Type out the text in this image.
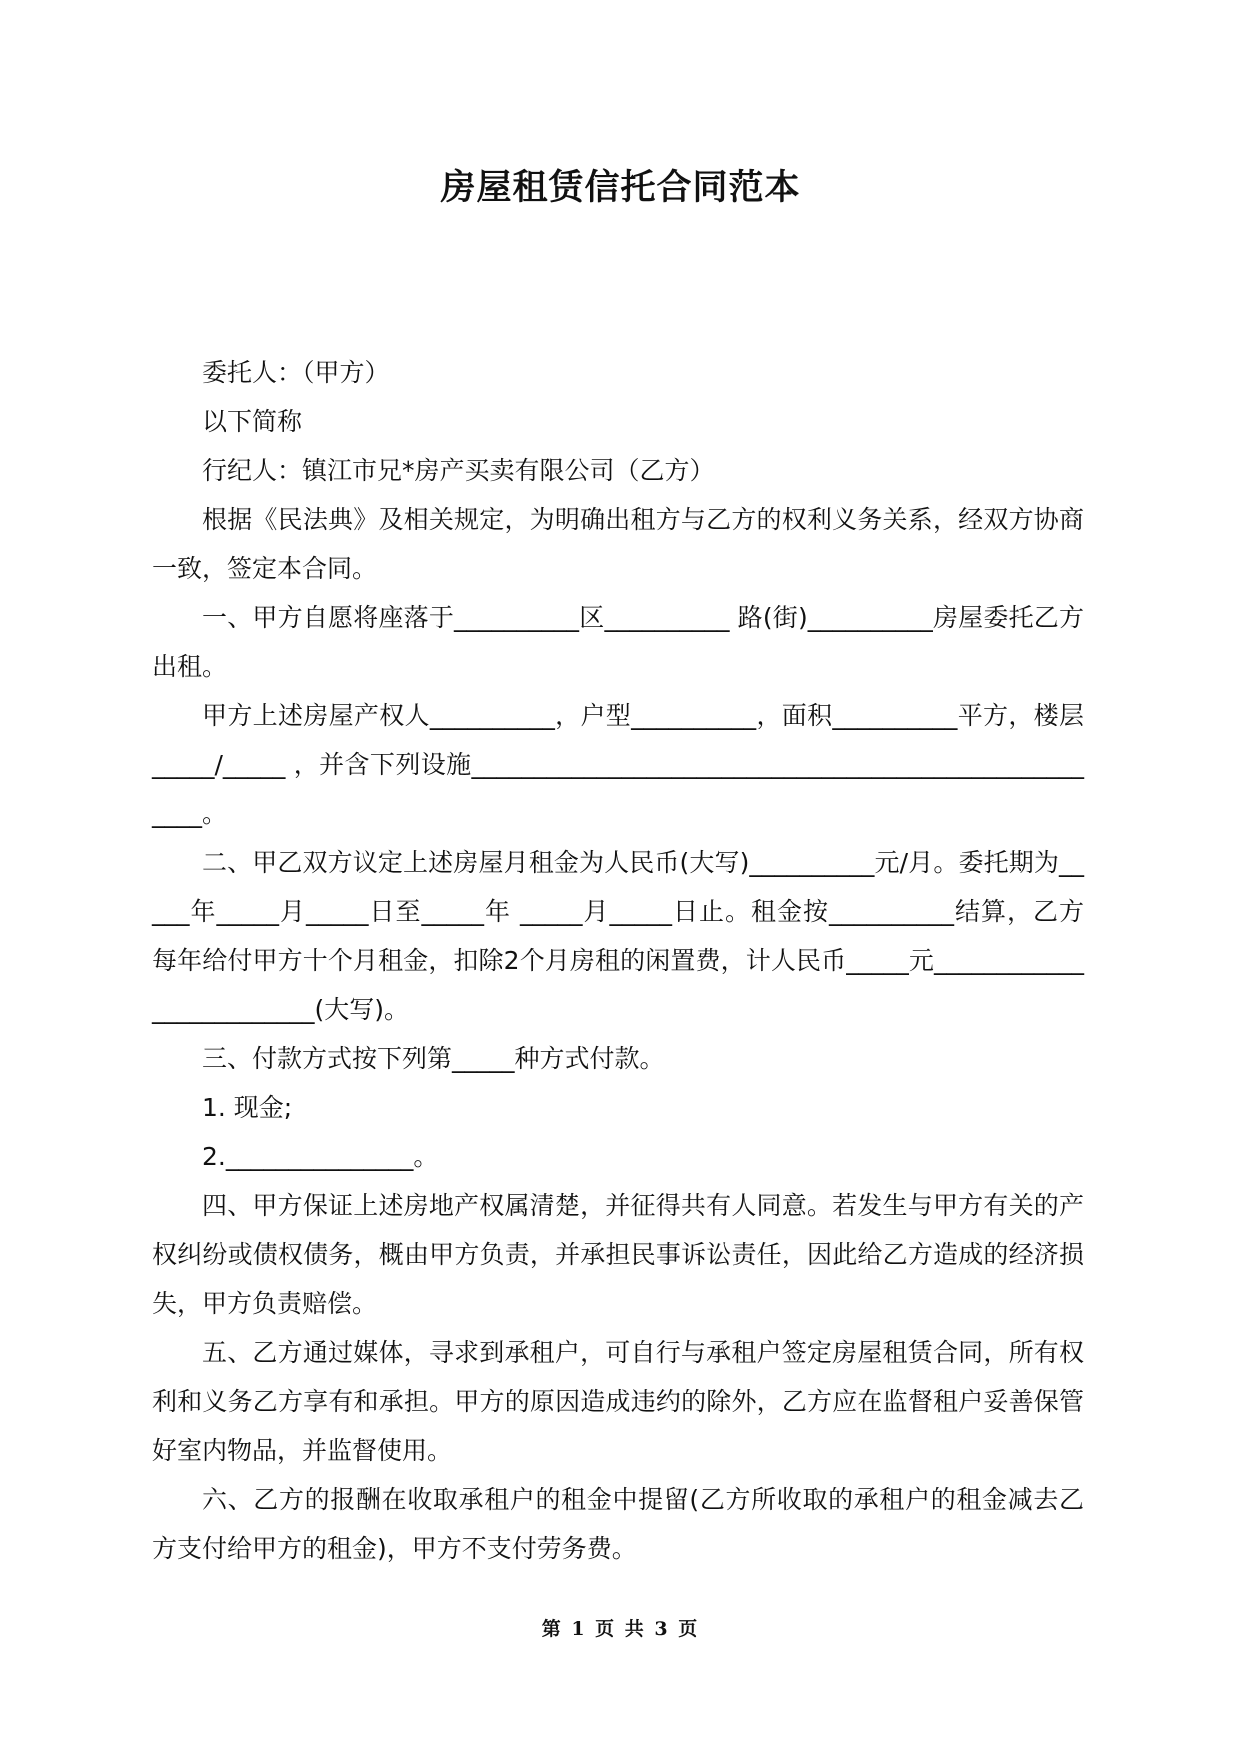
房屋租赁信托合同范本

委托人：（甲方）

以下简称

行纪人：镇江市兄*房产买卖有限公司（乙方）

根据《民法典》及相关规定，为明确出租方与乙方的权利义务关系，经双方协商一致，签定本合同。

一、甲方自愿将座落于__________区__________ 路(街)__________房屋委托乙方出租。

甲方上述房屋产权人__________，户型__________，面积__________平方，楼层_____/_____ ，并含下列设施_____________________________________________________。

二、甲乙双方议定上述房屋月租金为人民币(大写)__________元/月。委托期为_____年_____月_____日至_____年 _____月_____日止。租金按__________结算，乙方每年给付甲方十个月租金，扣除2个月房租的闲置费，计人民币_____元_________________________(大写)。

三、付款方式按下列第_____种方式付款。

1. 现金;

2._______________。

四、甲方保证上述房地产权属清楚，并征得共有人同意。若发生与甲方有关的产权纠纷或债权债务，概由甲方负责，并承担民事诉讼责任，因此给乙方造成的经济损失，甲方负责赔偿。

五、乙方通过媒体，寻求到承租户，可自行与承租户签定房屋租赁合同，所有权利和义务乙方享有和承担。甲方的原因造成违约的除外，乙方应在监督租户妥善保管好室内物品，并监督使用。

六、乙方的报酬在收取承租户的租金中提留(乙方所收取的承租户的租金减去乙方支付给甲方的租金)，甲方不支付劳务费。

第 1 页 共 3 页
